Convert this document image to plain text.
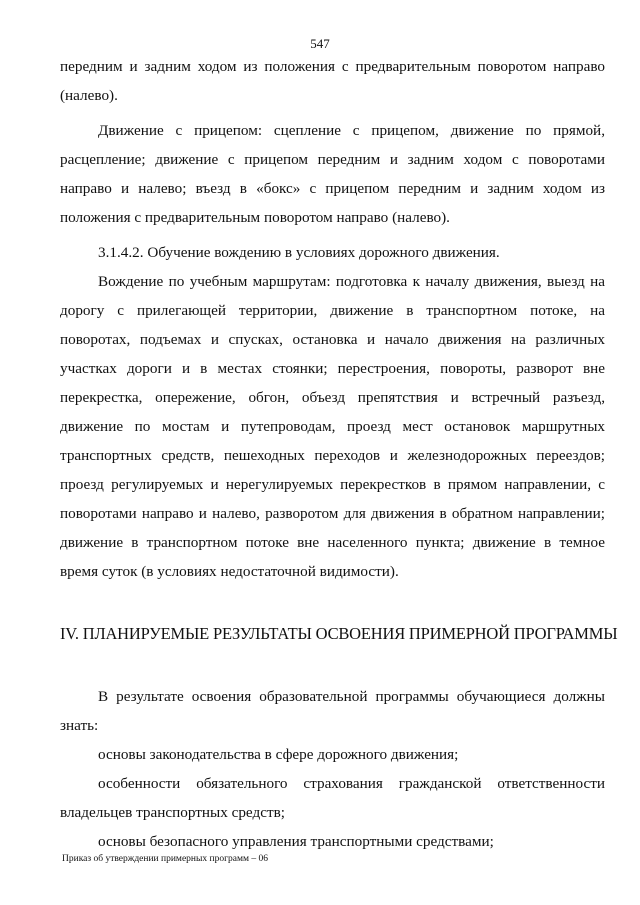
547

передним и задним ходом из положения с предварительным поворотом направо (налево).

Движение с прицепом: сцепление с прицепом, движение по прямой, расцепление; движение с прицепом передним и задним ходом с поворотами направо и налево; въезд в «бокс» с прицепом передним и задним ходом из положения с предварительным поворотом направо (налево).

3.1.4.2. Обучение вождению в условиях дорожного движения.

Вождение по учебным маршрутам: подготовка к началу движения, выезд на дорогу с прилегающей территории, движение в транспортном потоке, на поворотах, подъемах и спусках, остановка и начало движения на различных участках дороги и в местах стоянки; перестроения, повороты, разворот вне перекрестка, опережение, обгон, объезд препятствия и встречный разъезд, движение по мостам и путепроводам, проезд мест остановок маршрутных транспортных средств, пешеходных переходов и железнодорожных переездов; проезд регулируемых и нерегулируемых перекрестков в прямом направлении, с поворотами направо и налево, разворотом для движения в обратном направлении; движение в транспортном потоке вне населенного пункта; движение в темное время суток (в условиях недостаточной видимости).

IV. ПЛАНИРУЕМЫЕ РЕЗУЛЬТАТЫ ОСВОЕНИЯ ПРИМЕРНОЙ ПРОГРАММЫ

В результате освоения образовательной программы обучающиеся должны знать:

основы законодательства в сфере дорожного движения;

особенности обязательного страхования гражданской ответственности владельцев транспортных средств;

основы безопасного управления транспортными средствами;

Приказ об утверждении примерных программ – 06
